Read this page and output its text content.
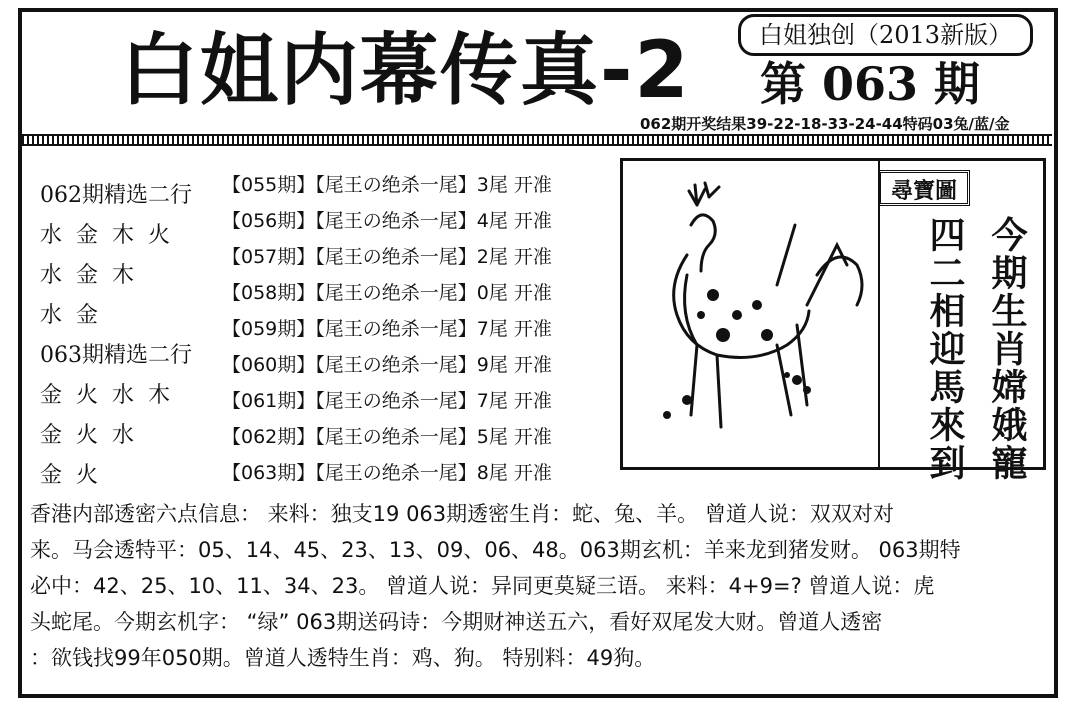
白姐内幕传真-2	白姐独创（2013新版）
第 063 期
062期开奖结果39-22-18-33-24-44特码03兔/蓝/金
062期精选二行
水  金  木  火
水  金  木
水  金
063期精选二行
金  火  水  木
金  火  水
金  火
【055期】【尾王の绝杀一尾】3尾 开准
【056期】【尾王の绝杀一尾】4尾 开准
【057期】【尾王の绝杀一尾】2尾 开准
【058期】【尾王の绝杀一尾】0尾 开准
【059期】【尾王の绝杀一尾】7尾 开准
【060期】【尾王の绝杀一尾】9尾 开准
【061期】【尾王の绝杀一尾】7尾 开准
【062期】【尾王の绝杀一尾】5尾 开准
【063期】【尾王の绝杀一尾】8尾 开准
尋寶圖
今期生肖嫦娥寵
四二相迎馬來到
香港内部透密六点信息： 来料：独支19 063期透密生肖：蛇、兔、羊。 曾道人说：双双对对
来。马会透特平：05、14、45、23、13、09、06、48。063期玄机：羊来龙到猪发财。 063期特
必中：42、25、10、11、34、23。 曾道人说：异同更莫疑三语。 来料：4+9=? 曾道人说：虎
头蛇尾。今期玄机字： “绿” 063期送码诗：今期财神送五六，看好双尾发大财。曾道人透密
：欲钱找99年050期。曾道人透特生肖：鸡、狗。 特别料：49狗。
